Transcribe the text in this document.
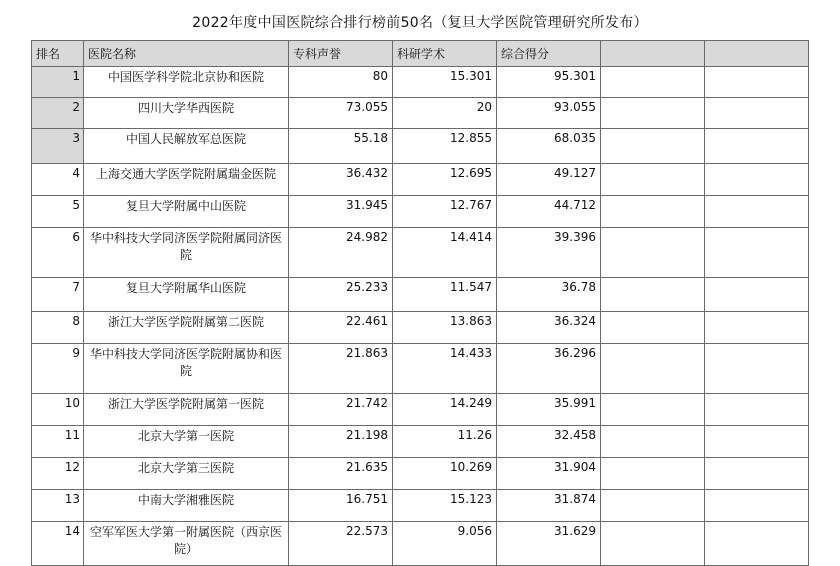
2022年度中国医院综合排行榜前50名（复旦大学医院管理研究所发布）
排名	医院名称	专科声誉	科研学术	综合得分		
1	中国医学科学院北京协和医院	80	15.301	95.301		
2	四川大学华西医院	73.055	20	93.055		
3	中国人民解放军总医院	55.18	12.855	68.035		
4	上海交通大学医学院附属瑞金医院	36.432	12.695	49.127		
5	复旦大学附属中山医院	31.945	12.767	44.712		
6	华中科技大学同济医学院附属同济医院	24.982	14.414	39.396		
7	复旦大学附属华山医院	25.233	11.547	36.78		
8	浙江大学医学院附属第二医院	22.461	13.863	36.324		
9	华中科技大学同济医学院附属协和医院	21.863	14.433	36.296		
10	浙江大学医学院附属第一医院	21.742	14.249	35.991		
11	北京大学第一医院	21.198	11.26	32.458		
12	北京大学第三医院	21.635	10.269	31.904		
13	中南大学湘雅医院	16.751	15.123	31.874		
14	空军军医大学第一附属医院（西京医院）	22.573	9.056	31.629		
